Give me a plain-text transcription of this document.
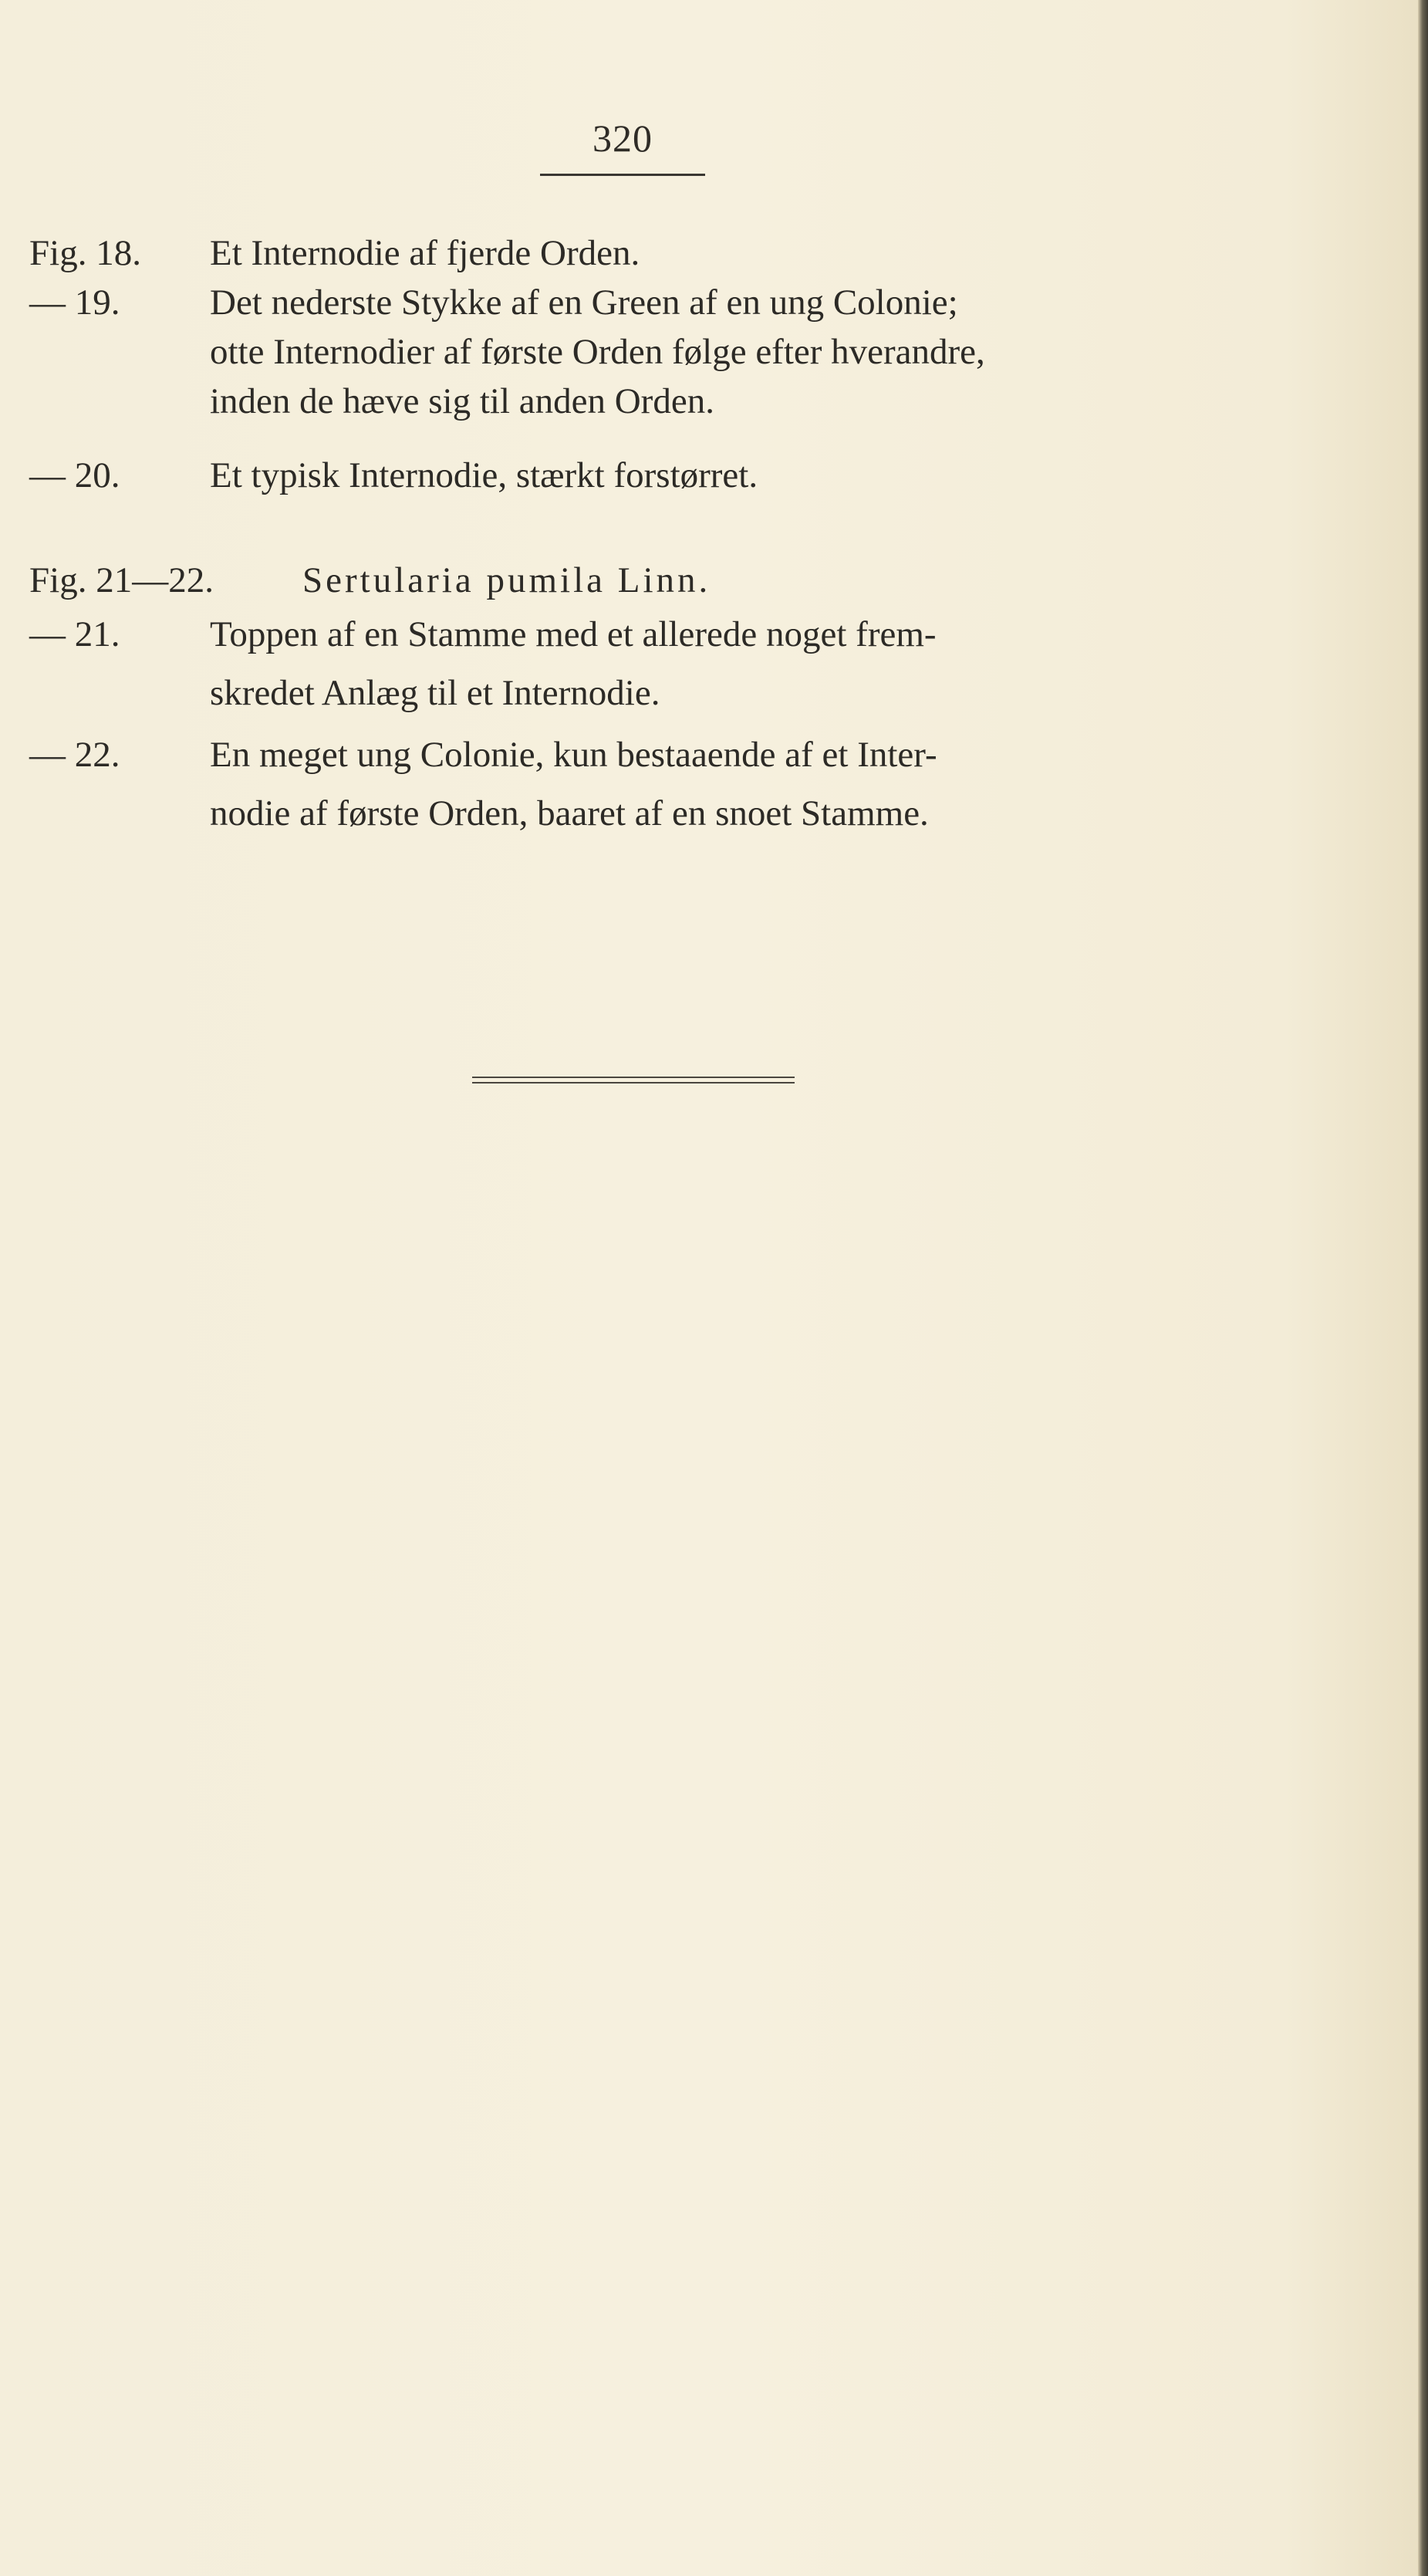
320
Fig. 18.	Et Internodie af fjerde Orden.
— 19.	Det nederste Stykke af en Green af en ung Colonie;
otte Internodier af første Orden følge efter hverandre,
inden de hæve sig til anden Orden.
— 20.	Et typisk Internodie, stærkt forstørret.
Fig. 21—22. Sertularia pumila Linn.
— 21.	Toppen af en Stamme med et allerede noget frem-
skredet Anlæg til et Internodie.
— 22.	En meget ung Colonie, kun bestaaende af et Inter-
nodie af første Orden, baaret af en snoet Stamme.
